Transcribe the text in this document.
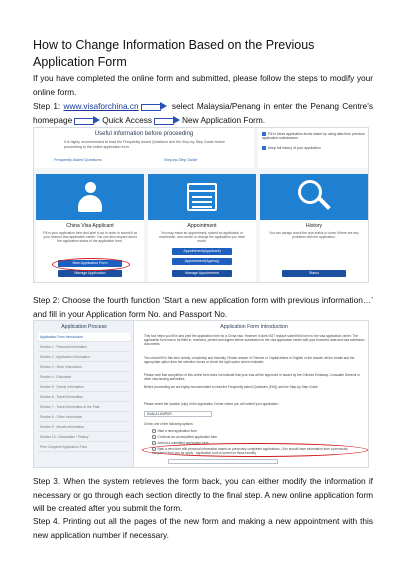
How to Change Information Based on the Previous Application Form
If you have completed the online form and submitted, please follow the steps to modify your online form.
Step 1: www.visaforchina.cn	select Malaysia/Penang in enter the Penang Centre’s homepage	Quick Access	New Application Form.
Useful information before proceeding
It is highly recommended to read the Frequently Asked Questions and the Step-by-Step Guide before proceeding to the online application form.
Frequently Asked Questions	Step-by-Step Guide
Fill in future application forms easier by using data from previous application submissions
Keep full history of your application
China Visa Applicant
Fill in your application form and print it out in order to submit it at your nearest visa application center. You can also enquire about the application status of the application form.
New Application Form
Manage Application
Appointment
You may make an appointment, submit an application or reschedule, and cancel or change the application you have made.
Appointment(Applicant)
Appointment(Agency)
Manage Appointment
History
You can always check the visa status or know if there are any problems with the application.
Status
Step 2: Choose the fourth function ‘Start a new application form with previous information…’ and fill in your Application form No. and Passport No.
Application Process
Application Form Introduction
Section 1 : Personal Information
Section 2 : Application Information
Section 3 : Work Information
Section 4 : Education
Section 5 : Family Information
Section 6 : Travel Information
Section 7 : Travel Information in the Past
Section 8 : Other Information
Section 9 : Morale Information
Section 10 : Declaration / Privacy
Print Complete Application Form
Application Form Introduction
This tool helps you fill in and print the application form for a China visa. However it does NOT replace submit this form to the visa application center. The application form has to be filled in, reviewed, printed and signed before submission to the visa application center with your biometric data and visa admission documents.
You should fill in this form clearly, completely and honestly. Please answer in Chinese or Capital letters in English or the answer will be invalid and the appropriate option from the selection boxes or check the right option where indicated.
Please note that completion of this online form does not indicate that your visa will be approved or issued by the Chinese Embassy, Consulate General or other visa-issuing authorities.
Before proceeding we are highly recommended to read the Frequently Asked Questions (FAQ) and the Step-by-Step Guide.
Please select the location (city) of the Application Center where you will submit your application :
KUALA LUMPUR
Check one of the following options:
Start a new application form
Continue an uncompleted application form
Amend a submitted application form
Start a new form with personal information based on previously completed applications. (You should have information from a previously completed form you for apply - application form is turned on those results)
Step 3. When the system retrieves the form back, you can either modify the information if necessary or go through each section directly to the final step. A new online application form will be created after you submit the form.
Step 4. Printing out all the pages of the new form and making a new appointment with this new application number if necessary.
